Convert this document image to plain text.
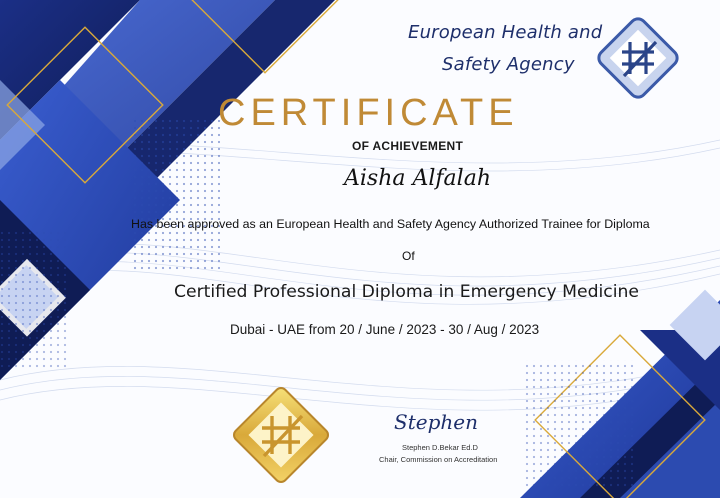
European Health and
Safety Agency
CERTIFICATE
OF ACHIEVEMENT
Aisha Alfalah
Has been approved as an European Health and Safety Agency Authorized Trainee for Diploma
Of
Certified Professional Diploma in Emergency Medicine
Dubai - UAE from 20 / June / 2023 - 30 / Aug / 2023
Stephen
Stephen D.Bekar Ed.D
Chair, Commission on Accreditation
